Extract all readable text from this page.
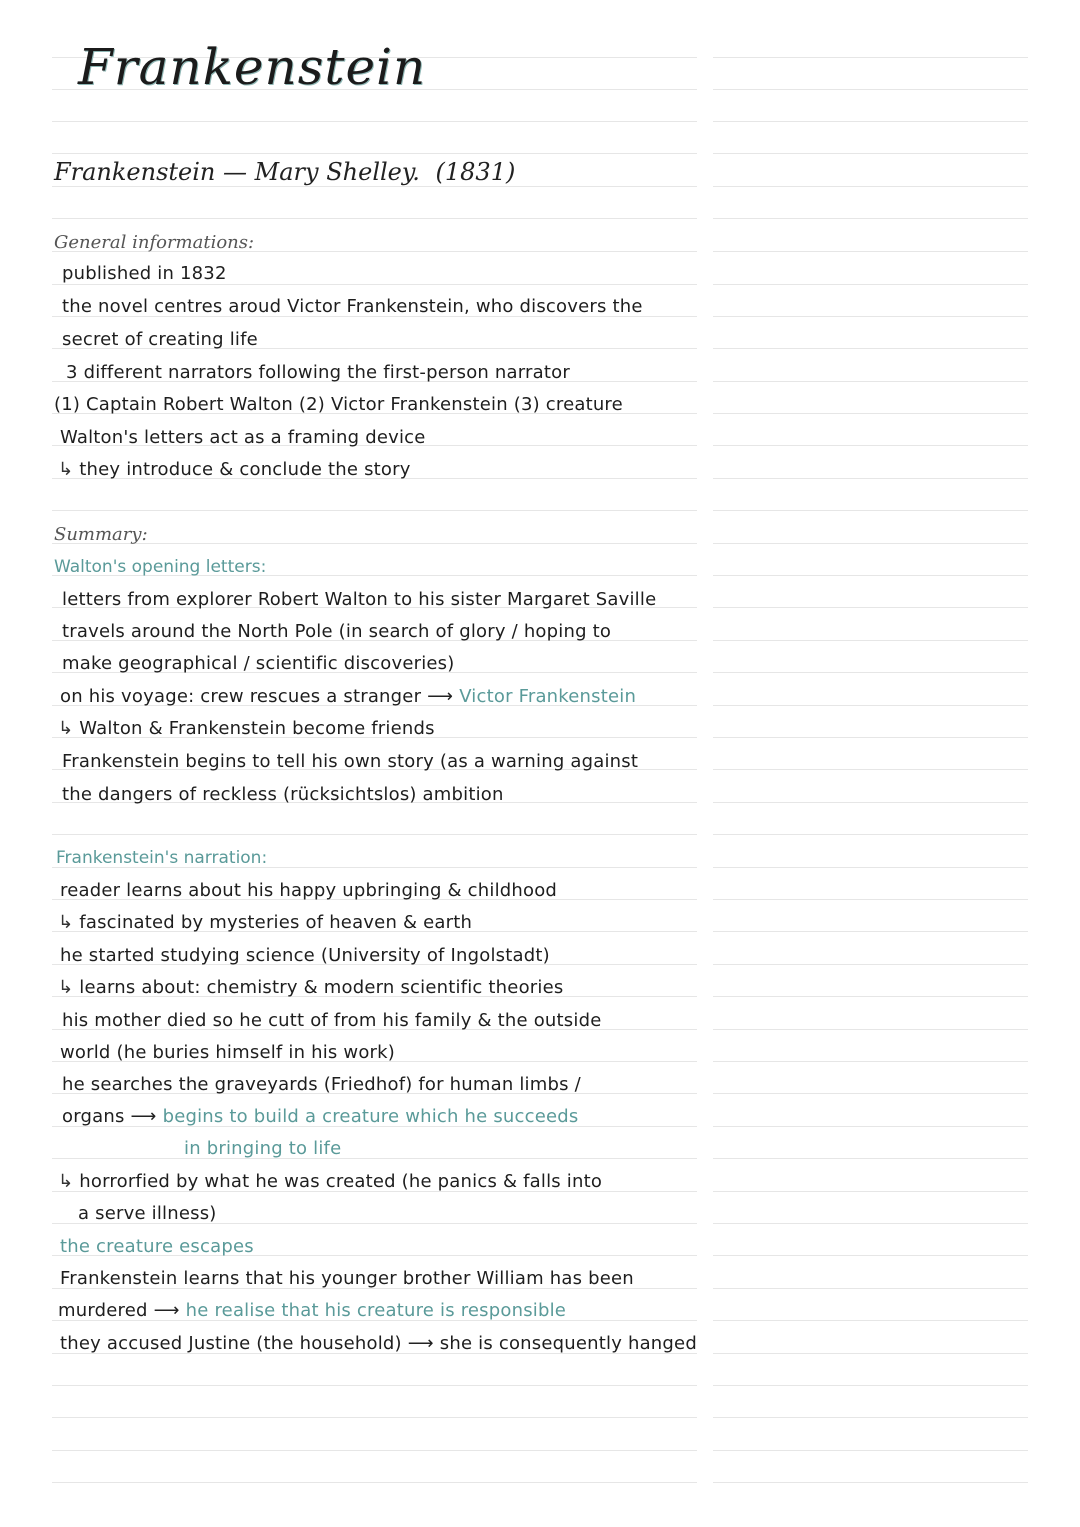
Frankenstein
Frankenstein — Mary Shelley. (1831)
General informations:
published in 1832
the novel centres aroud Victor Frankenstein, who discovers the
secret of creating life
3 different narrators following the first-person narrator
(1) Captain Robert Walton (2) Victor Frankenstein (3) creature
Walton's letters act as a framing device
↳ they introduce & conclude the story
Summary:
Walton's opening letters:
letters from explorer Robert Walton to his sister Margaret Saville
travels around the North Pole (in search of glory / hoping to
make geographical / scientific discoveries)
on his voyage: crew rescues a stranger ⟶ Victor Frankenstein
↳ Walton & Frankenstein become friends
Frankenstein begins to tell his own story (as a warning against
the dangers of reckless (rücksichtslos) ambition
Frankenstein's narration:
reader learns about his happy upbringing & childhood
↳ fascinated by mysteries of heaven & earth
he started studying science (University of Ingolstadt)
↳ learns about: chemistry & modern scientific theories
his mother died so he cutt of from his family & the outside
world (he buries himself in his work)
he searches the graveyards (Friedhof) for human limbs /
organs ⟶ begins to build a creature which he succeeds
in bringing to life
↳ horrorfied by what he was created (he panics & falls into
a serve illness)
the creature escapes
Frankenstein learns that his younger brother William has been
murdered ⟶ he realise that his creature is responsible
they accused Justine (the household) ⟶ she is consequently hanged
